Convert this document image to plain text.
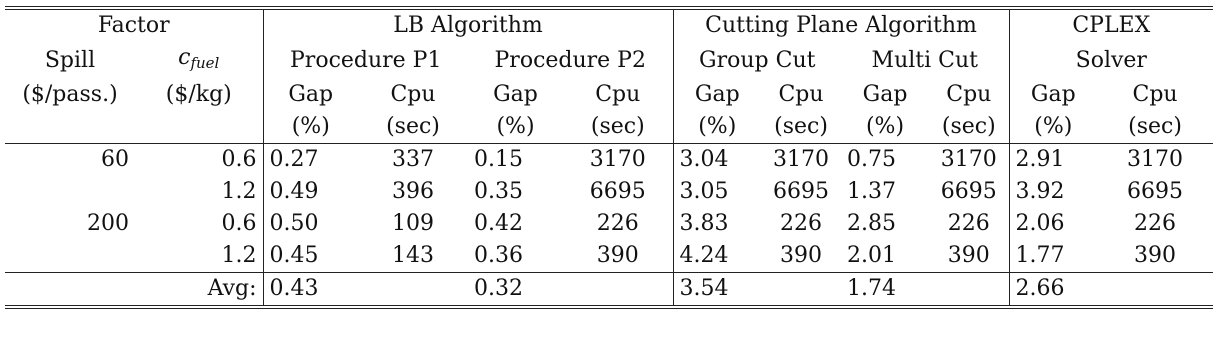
Factor		LB Algorithm				Cutting Plane Algorithm				CPLEX	
Spill	$c_{fuel}$	Procedure P1		Procedure P2		Group Cut		Multi Cut		Solver	
($/pass.)	($/kg)	Gap	Cpu	Gap	Cpu	Gap	Cpu	Gap	Cpu	Gap	Cpu
		(%)	(sec)	(%)	(sec)	(%)	(sec)	(%)	(sec)	(%)	(sec)
60	0.6	0.27	337	0.15	3170	3.04	3170	0.75	3170	2.91	3170
	1.2	0.49	396	0.35	6695	3.05	6695	1.37	6695	3.92	6695
200	0.6	0.50	109	0.42	226	3.83	226	2.85	226	2.06	226
	1.2	0.45	143	0.36	390	4.24	390	2.01	390	1.77	390
	Avg:	0.43		0.32		3.54		1.74		2.66	
